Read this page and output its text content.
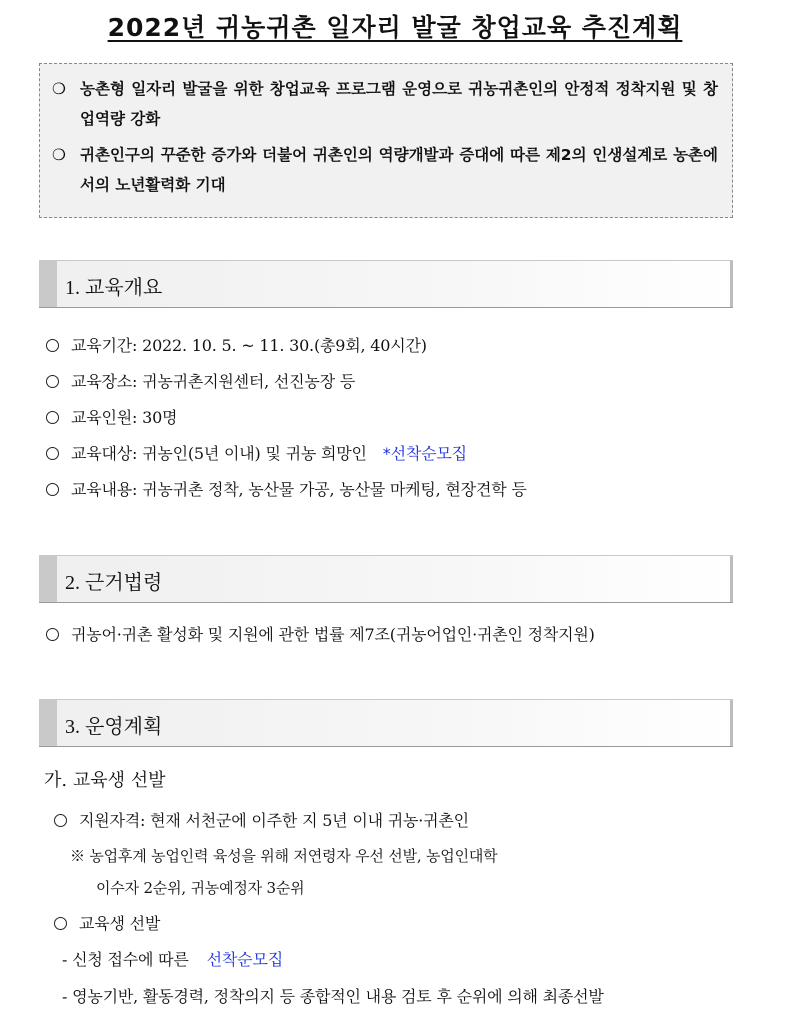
2022년 귀농귀촌 일자리 발굴 창업교육 추진계획
❍ 농촌형 일자리 발굴을 위한 창업교육 프로그램 운영으로 귀농귀촌인의 안정적 정착지원 및 창업역량 강화
❍ 귀촌인구의 꾸준한 증가와 더불어 귀촌인의 역량개발과 증대에 따른 제2의 인생설계로 농촌에서의 노년활력화 기대
1. 교육개요
교육기간: 2022. 10. 5. ~ 11. 30.(총9회, 40시간)
교육장소: 귀농귀촌지원센터, 선진농장 등
교육인원: 30명
교육대상: 귀농인(5년 이내) 및 귀농 희망인 *선착순모집
교육내용: 귀농귀촌 정착, 농산물 가공, 농산물 마케팅, 현장견학 등
2. 근거법령
귀농어·귀촌 활성화 및 지원에 관한 법률 제7조(귀농어업인·귀촌인 정착지원)
3. 운영계획
가. 교육생 선발
지원자격: 현재 서천군에 이주한 지 5년 이내 귀농·귀촌인
※ 농업후계 농업인력 육성을 위해 저연령자 우선 선발, 농업인대학
이수자 2순위, 귀농예정자 3순위
교육생 선발
- 신청 접수에 따른 선착순모집
- 영농기반, 활동경력, 정착의지 등 종합적인 내용 검토 후 순위에 의해 최종선발
